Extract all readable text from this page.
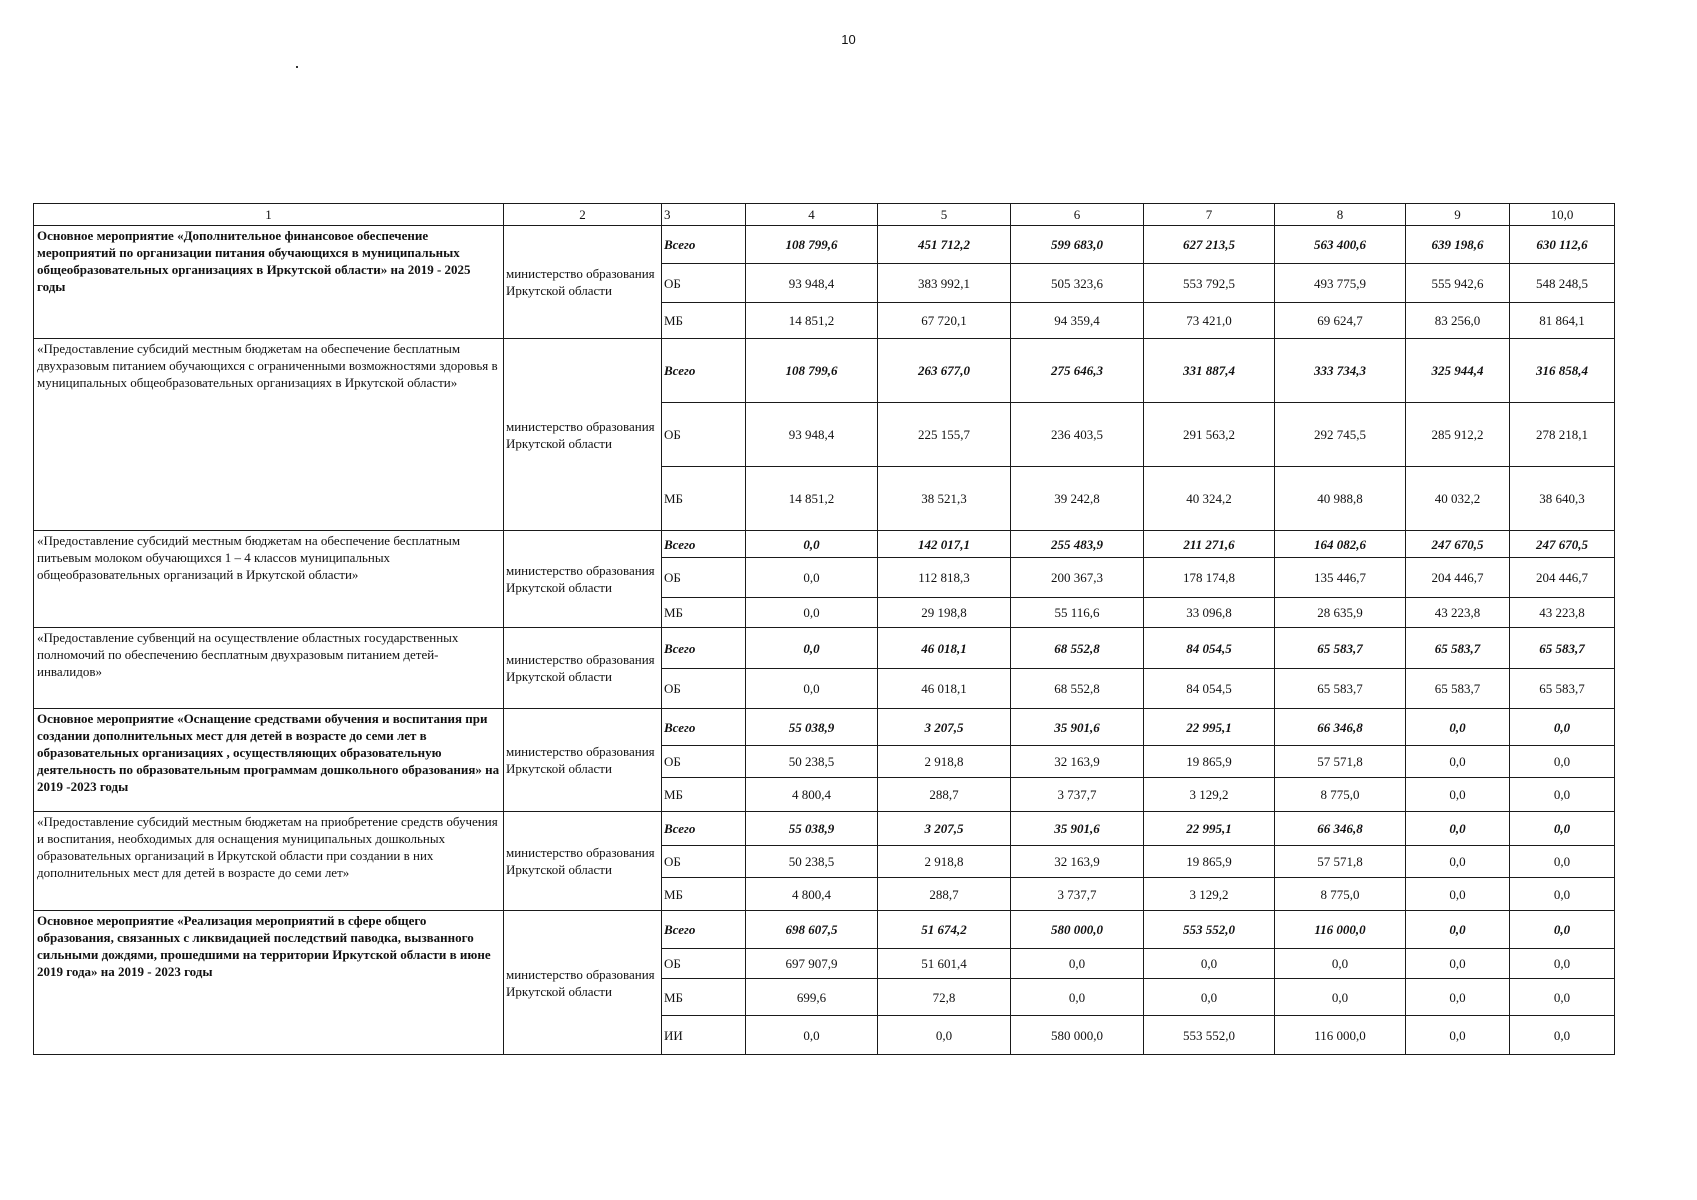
10
1	2	3	4	5	6	7	8	9	10,0
Основное мероприятие «Дополнительное финансовое обеспечение мероприятий по организации питания обучающихся в муниципальных общеобразовательных организациях в Иркутской области» на 2019 - 2025 годы	министерство образования Иркутской области	Всего	108 799,6	451 712,2	599 683,0	627 213,5	563 400,6	639 198,6	630 112,6
		ОБ	93 948,4	383 992,1	505 323,6	553 792,5	493 775,9	555 942,6	548 248,5
		МБ	14 851,2	67 720,1	94 359,4	73 421,0	69 624,7	83 256,0	81 864,1
«Предоставление субсидий местным бюджетам на обеспечение бесплатным двухразовым питанием обучающихся с ограниченными возможностями здоровья в муниципальных общеобразовательных организациях в Иркутской области»	министерство образования Иркутской области	Всего	108 799,6	263 677,0	275 646,3	331 887,4	333 734,3	325 944,4	316 858,4
		ОБ	93 948,4	225 155,7	236 403,5	291 563,2	292 745,5	285 912,2	278 218,1
		МБ	14 851,2	38 521,3	39 242,8	40 324,2	40 988,8	40 032,2	38 640,3
«Предоставление субсидий местным бюджетам на обеспечение бесплатным питьевым молоком обучающихся 1 – 4 классов муниципальных общеобразовательных организаций в Иркутской области»	министерство образования Иркутской области	Всего	0,0	142 017,1	255 483,9	211 271,6	164 082,6	247 670,5	247 670,5
		ОБ	0,0	112 818,3	200 367,3	178 174,8	135 446,7	204 446,7	204 446,7
		МБ	0,0	29 198,8	55 116,6	33 096,8	28 635,9	43 223,8	43 223,8
«Предоставление субвенций на осуществление областных государственных полномочий по обеспечению бесплатным двухразовым питанием детей-инвалидов»	министерство образования Иркутской области	Всего	0,0	46 018,1	68 552,8	84 054,5	65 583,7	65 583,7	65 583,7
		ОБ	0,0	46 018,1	68 552,8	84 054,5	65 583,7	65 583,7	65 583,7
Основное мероприятие «Оснащение средствами обучения и воспитания при создании дополнительных мест для детей в возрасте до семи лет в образовательных организациях , осуществляющих образовательную деятельность по образовательным программам дошкольного образования» на 2019 -2023 годы	министерство образования Иркутской области	Всего	55 038,9	3 207,5	35 901,6	22 995,1	66 346,8	0,0	0,0
		ОБ	50 238,5	2 918,8	32 163,9	19 865,9	57 571,8	0,0	0,0
		МБ	4 800,4	288,7	3 737,7	3 129,2	8 775,0	0,0	0,0
«Предоставление субсидий местным бюджетам на приобретение средств обучения и воспитания, необходимых для оснащения муниципальных дошкольных образовательных организаций в Иркутской области при создании в них дополнительных мест для детей в возрасте до семи лет»	министерство образования Иркутской области	Всего	55 038,9	3 207,5	35 901,6	22 995,1	66 346,8	0,0	0,0
		ОБ	50 238,5	2 918,8	32 163,9	19 865,9	57 571,8	0,0	0,0
		МБ	4 800,4	288,7	3 737,7	3 129,2	8 775,0	0,0	0,0
Основное мероприятие «Реализация мероприятий в сфере общего образования, связанных с ликвидацией последствий паводка, вызванного сильными дождями, прошедшими на территории Иркутской области в июне 2019 года» на 2019 - 2023 годы	министерство образования Иркутской области	Всего	698 607,5	51 674,2	580 000,0	553 552,0	116 000,0	0,0	0,0
		ОБ	697 907,9	51 601,4	0,0	0,0	0,0	0,0	0,0
		МБ	699,6	72,8	0,0	0,0	0,0	0,0	0,0
		ИИ	0,0	0,0	580 000,0	553 552,0	116 000,0	0,0	0,0
